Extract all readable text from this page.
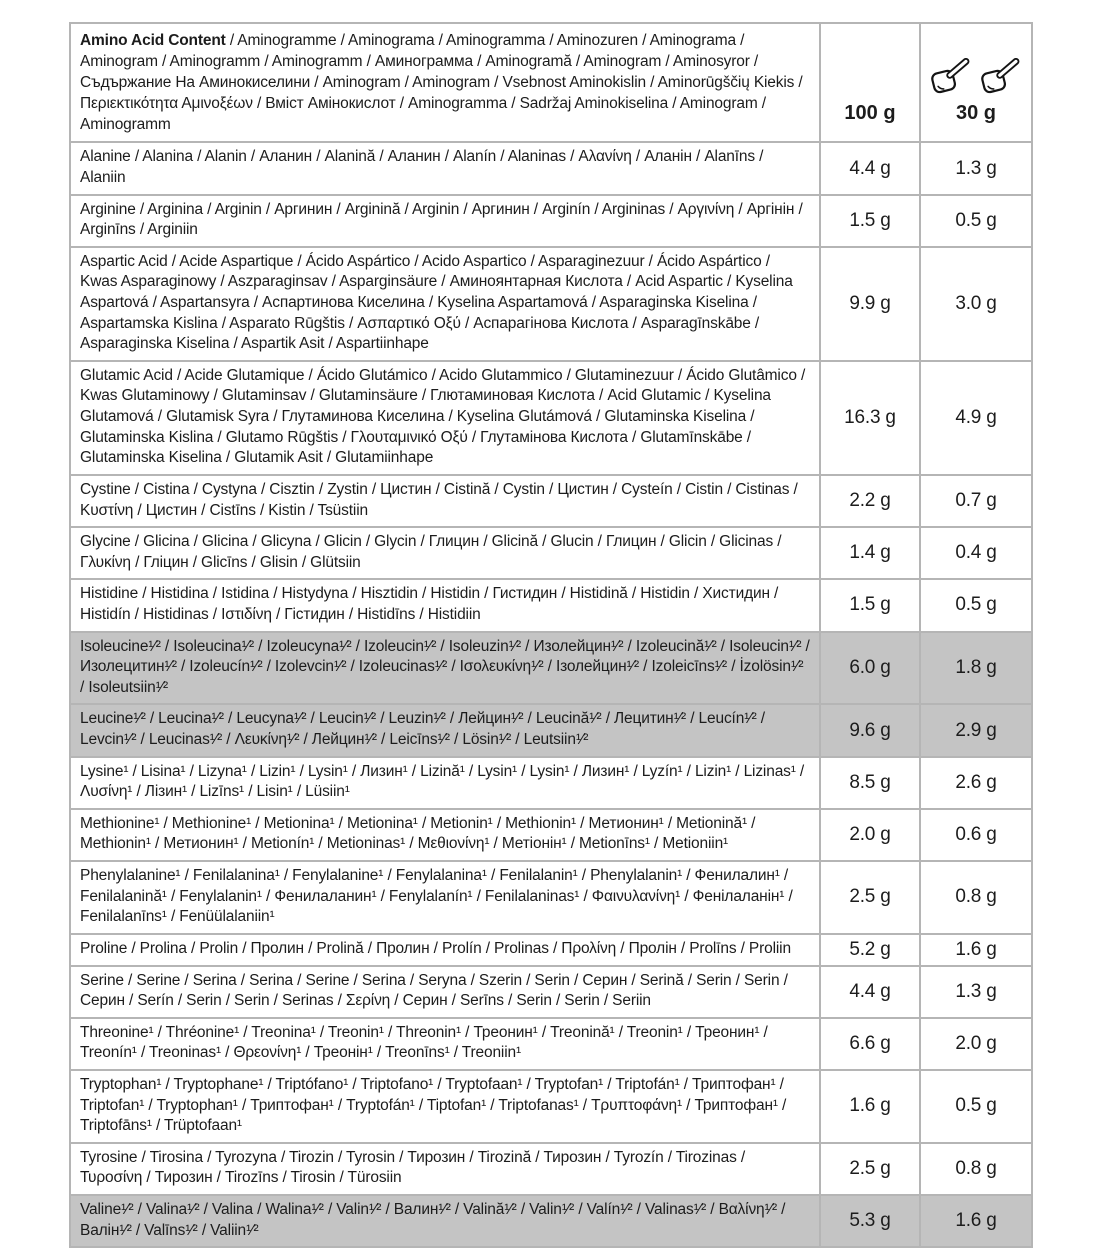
Amino Acid Content / Aminogramme / Aminograma / Aminogramma / Aminozuren / Aminograma / Aminogram / Aminogramm / Aminogramm / Аминограмма / Aminogramă / Aminogram / Aminosyror / Съдържание На Аминокиселини / Aminogram / Aminogram / Vsebnost Aminokislin / Aminorūgščių Kiekis / Περιεκτικότητα Αμινοξέων / Вміст Амінокислот / Aminogramma / Sadržaj Aminokiselina / Aminogram / Aminogramm	100 g	30 g

Alanine / Alanina / Alanin / Аланин / Alanină / Аланин / Alanín / Alaninas / Αλανίνη / Аланін / Alanīns / Alaniin	4.4 g	1.3 g
Arginine / Arginina / Arginin / Аргинин / Arginină / Arginin / Аргинин / Arginín / Argininas / Αργινίνη / Аргінін / Arginīns / Arginiin	1.5 g	0.5 g
Aspartic Acid / Acide Aspartique / Ácido Aspártico / Acido Aspartico / Asparaginezuur / Ácido Aspártico / Kwas Asparaginowy / Aszparaginsav / Asparginsäure / Аминоянтарная Кислота / Acid Aspartic / Kyselina Aspartová / Aspartansyra / Аспартинова Киселина / Kyselina Aspartamová / Asparaginska Kiselina / Aspartamska Kislina / Asparato Rūgštis / Ασπαρτικό Οξύ / Аспарагінова Кислота / Asparagīnskābe / Asparaginska Kiselina / Aspartik Asit / Aspartiinhape	9.9 g	3.0 g
Glutamic Acid / Acide Glutamique / Ácido Glutámico / Acido Glutammico / Glutaminezuur / Ácido Glutâmico / Kwas Glutaminowy / Glutaminsav / Glutaminsäure / Глютаминовая Кислота / Acid Glutamic / Kyselina Glutamová / Glutamisk Syra / Глутаминова Киселина / Kyselina Glutámová / Glutaminska Kiselina / Glutaminska Kislina / Glutamo Rūgštis / Γλουταμινικό Οξύ / Глутамінова Кислота / Glutamīnskābe / Glutaminska Kiselina / Glutamik Asit / Glutamiinhape	16.3 g	4.9 g
Cystine / Cistina / Cystyna / Cisztin / Zystin / Цистин / Cistină / Cystin / Цистин / Cysteín / Cistin / Cistinas / Κυστίνη / Цистин / Cistīns / Kistin / Tsüstiin	2.2 g	0.7 g
Glycine / Glicina / Glicina / Glicyna / Glicin / Glycin / Глицин / Glicină / Glucin / Глицин / Glicin / Glicinas / Γλυκίνη / Гліцин / Glicīns / Glisin / Glütsiin	1.4 g	0.4 g
Histidine / Histidina / Istidina / Histydyna / Hisztidin / Histidin / Гистидин / Histidină / Histidin / Хистидин / Histidín / Histidinas / Ιστιδίνη / Гістидин / Histidīns / Histidiin	1.5 g	0.5 g
Isoleucine¹⁄² / Isoleucina¹⁄² / Izoleucyna¹⁄² / Izoleucin¹⁄² / Isoleuzin¹⁄² / Изолейцин¹⁄² / Izoleucină¹⁄² / Isoleucin¹⁄² / Изолецитин¹⁄² / Izoleucín¹⁄² / Izolevcin¹⁄² / Izoleucinas¹⁄² / Ισολευκίνη¹⁄² / Ізолейцин¹⁄² / Izoleicīns¹⁄² / İzolösin¹⁄² / Isoleutsiin¹⁄²	6.0 g	1.8 g
Leucine¹⁄² / Leucina¹⁄² / Leucyna¹⁄² / Leucin¹⁄² / Leuzin¹⁄² / Лейцин¹⁄² / Leucină¹⁄² / Лецитин¹⁄² / Leucín¹⁄² / Levcin¹⁄² / Leucinas¹⁄² / Λευκίνη¹⁄² / Лейцин¹⁄² / Leicīns¹⁄² / Lösin¹⁄² / Leutsiin¹⁄²	9.6 g	2.9 g
Lysine¹ / Lisina¹ / Lizyna¹ / Lizin¹ / Lysin¹ / Лизин¹ / Lizină¹ / Lysin¹ / Lysin¹ / Лизин¹ / Lyzín¹ / Lizin¹ / Lizinas¹ / Λυσίνη¹ / Лізин¹ / Lizīns¹ / Lisin¹ / Lüsiin¹	8.5 g	2.6 g
Methionine¹ / Methionine¹ / Metionina¹ / Metionina¹ / Metionin¹ / Methionin¹ / Метионин¹ / Metionină¹ / Methionin¹ / Метионин¹ / Metionín¹ / Metioninas¹ / Μεθιονίνη¹ / Метіонін¹ / Metionīns¹ / Metioniin¹	2.0 g	0.6 g
Phenylalanine¹ / Fenilalanina¹ / Fenylalanine¹ / Fenylalanina¹ / Fenilalanin¹ / Phenylalanin¹ / Фенилалин¹ / Fenilalanină¹ / Fenylalanin¹ / Фенилаланин¹ / Fenylalanín¹ / Fenilalaninas¹ / Φαινυλανίνη¹ / Фенілаланін¹ / Fenilalanīns¹ / Fenüülalaniin¹	2.5 g	0.8 g
Proline / Prolina / Prolin / Пролин / Prolină / Пролин / Prolín / Prolinas / Προλίνη / Пролін / Prolīns / Proliin	5.2 g	1.6 g
Serine / Serine / Serina / Serina / Serine / Serina / Seryna / Szerin / Serin / Серин / Serină / Serin / Serin / Серин / Serín / Serin / Serin / Serinas / Σερίνη / Серин / Serīns / Serin / Serin / Seriin	4.4 g	1.3 g
Threonine¹ / Thréonine¹ / Treonina¹ / Treonin¹ / Threonin¹ / Треонин¹ / Treonină¹ / Treonin¹ / Треонин¹ / Treonín¹ / Treoninas¹ / Θρεονίνη¹ / Треонін¹ / Treonīns¹ / Treoniin¹	6.6 g	2.0 g
Tryptophan¹ / Tryptophane¹ / Triptófano¹ / Triptofano¹ / Tryptofaan¹ / Tryptofan¹ / Triptofán¹ / Триптофан¹ / Triptofan¹ / Tryptophan¹ / Триптофан¹ / Tryptofán¹ / Tiptofan¹ / Triptofanas¹ / Τρυπτοφάνη¹ / Триптофан¹ / Triptofāns¹ / Trüptofaan¹	1.6 g	0.5 g
Tyrosine / Tirosina / Tyrozyna / Tirozin / Tyrosin / Тирозин / Tirozină / Тирозин / Tyrozín / Tirozinas / Τυροσίνη / Тирозин / Tirozīns / Tirosin / Türosiin	2.5 g	0.8 g
Valine¹⁄² / Valina¹⁄² / Valina / Walina¹⁄² / Valin¹⁄² / Валин¹⁄² / Valină¹⁄² / Valin¹⁄² / Valín¹⁄² / Valinas¹⁄² / Βαλίνη¹⁄² / Валін¹⁄² / Valīns¹⁄² / Valiin¹⁄²	5.3 g	1.6 g
